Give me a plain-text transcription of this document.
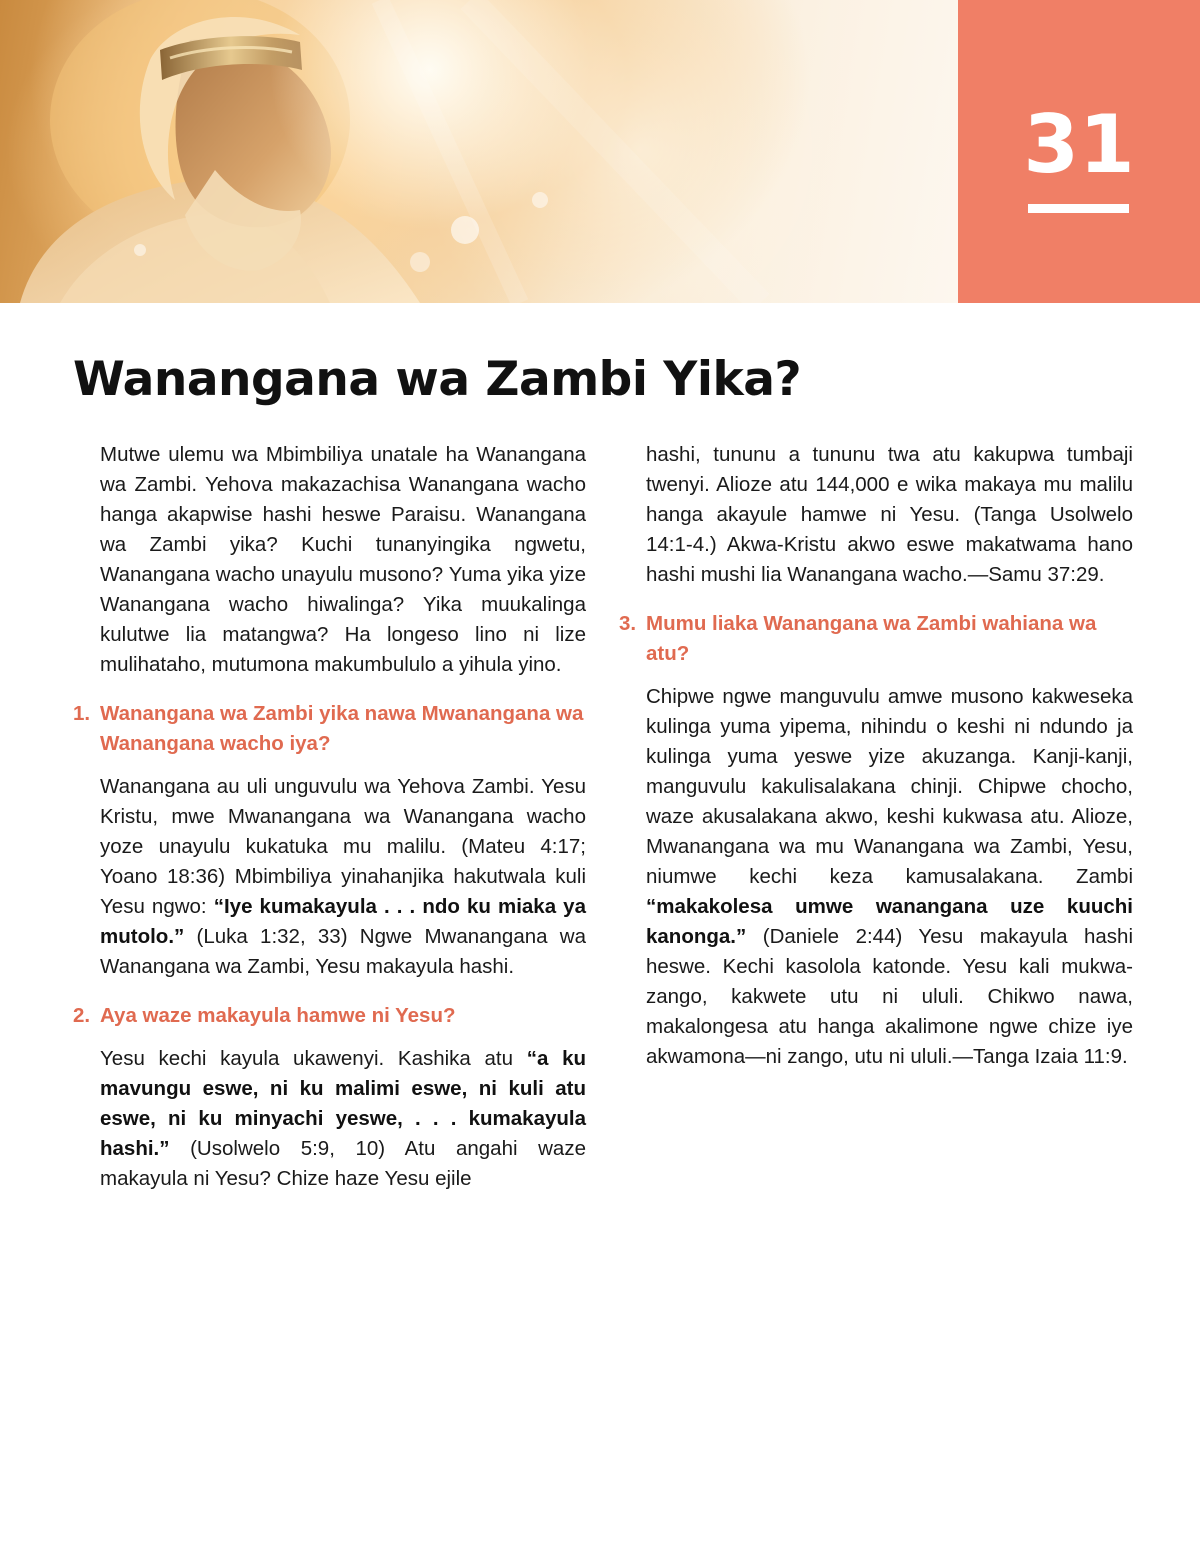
31
Wanangana wa Zambi Yika?

Mutwe ulemu wa Mbimbiliya unatale ha Wanangana wa Zambi. Yehova makazachisa Wanangana wacho hanga akapwise hashi heswe Paraisu. Wanangana wa Zambi yika? Kuchi tunanyingika ngwetu, Wanangana wacho unayulu musono? Yuma yika yize Wanangana wacho hiwalinga? Yika muukalinga kulutwe lia matangwa? Ha longeso lino ni lize mulihataho, mutumona makumbululo a yihula yino.

1. Wanangana wa Zambi yika nawa Mwanangana wa Wanangana wacho iya?

Wanangana au uli unguvulu wa Yehova Zambi. Yesu Kristu, mwe Mwanangana wa Wanangana wacho yoze unayulu kukatuka mu malilu. (Mateu 4:17; Yoano 18:36) Mbimbiliya yinahanjika hakutwala kuli Yesu ngwo: “Iye kumakayula . . . ndo ku miaka ya mutolo.” (Luka 1:32, 33) Ngwe Mwanangana wa Wanangana wa Zambi, Yesu makayula hashi.

2. Aya waze makayula hamwe ni Yesu?

Yesu kechi kayula ukawenyi. Kashika atu “a ku mavungu eswe, ni ku malimi eswe, ni kuli atu eswe, ni ku minyachi yeswe, . . . kumakayula hashi.” (Usolwelo 5:9, 10) Atu angahi waze makayula ni Yesu? Chize haze Yesu ejile

hashi, tununu a tununu twa atu kakupwa tumbaji twenyi. Alioze atu 144,000 e wika makaya mu malilu hanga akayule hamwe ni Yesu. (Tanga Usolwelo 14:1-4.) Akwa-Kristu akwo eswe makatwama hano hashi mushi lia Wanangana wacho.—Samu 37:29.

3. Mumu liaka Wanangana wa Zambi wahiana wa atu?

Chipwe ngwe manguvulu amwe musono kakweseka kulinga yuma yipema, nihindu o keshi ni ndundo ja kulinga yuma yeswe yize akuzanga. Kanji-kanji, manguvulu kakulisalakana chinji. Chipwe chocho, waze akusalakana akwo, keshi kukwasa atu. Alioze, Mwanangana wa mu Wanangana wa Zambi, Yesu, niumwe kechi keza kamusalakana. Zambi “makakolesa umwe wanangana uze kuuchi kanonga.” (Daniele 2:44) Yesu makayula hashi heswe. Kechi kasolola katonde. Yesu kali mukwa-zango, kakwete utu ni ululi. Chikwo nawa, makalongesa atu hanga akalimone ngwe chize iye akwamona—ni zango, utu ni ululi.—Tanga Izaia 11:9.
